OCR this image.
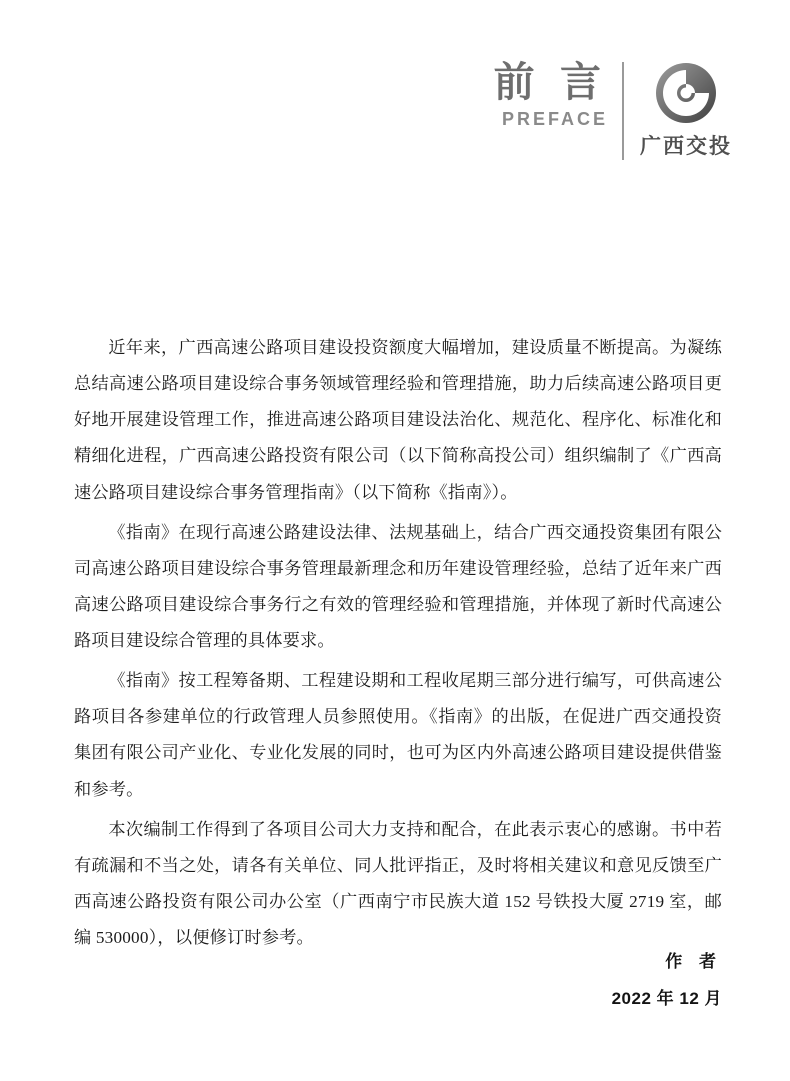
前 言
PREFACE
广西交投

近年来，广西高速公路项目建设投资额度大幅增加，建设质量不断提高。为凝练总结高速公路项目建设综合事务领域管理经验和管理措施，助力后续高速公路项目更好地开展建设管理工作，推进高速公路项目建设法治化、规范化、程序化、标准化和精细化进程，广西高速公路投资有限公司（以下简称高投公司）组织编制了《广西高速公路项目建设综合事务管理指南》（以下简称《指南》）。

《指南》在现行高速公路建设法律、法规基础上，结合广西交通投资集团有限公司高速公路项目建设综合事务管理最新理念和历年建设管理经验，总结了近年来广西高速公路项目建设综合事务行之有效的管理经验和管理措施，并体现了新时代高速公路项目建设综合管理的具体要求。

《指南》按工程筹备期、工程建设期和工程收尾期三部分进行编写，可供高速公路项目各参建单位的行政管理人员参照使用。《指南》的出版，在促进广西交通投资集团有限公司产业化、专业化发展的同时，也可为区内外高速公路项目建设提供借鉴和参考。

本次编制工作得到了各项目公司大力支持和配合，在此表示衷心的感谢。书中若有疏漏和不当之处，请各有关单位、同人批评指正，及时将相关建议和意见反馈至广西高速公路投资有限公司办公室（广西南宁市民族大道 152 号铁投大厦 2719 室，邮编 530000），以便修订时参考。

作 者
2022 年 12 月
